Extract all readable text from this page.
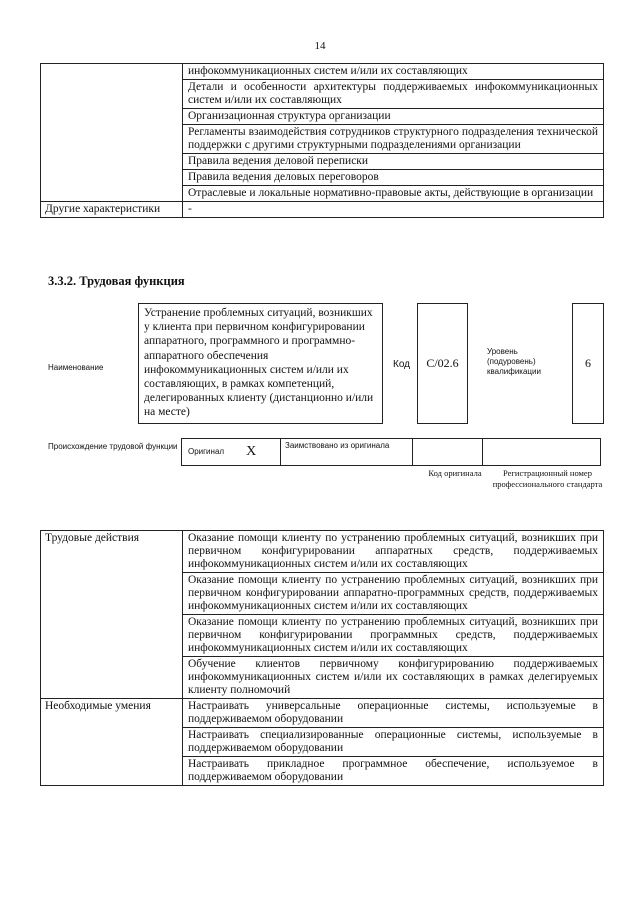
14
	инфокоммуникационных систем и/или их составляющих
	Детали и особенности архитектуры поддерживаемых инфокоммуникационных систем и/или их составляющих
	Организационная структура организации
	Регламенты взаимодействия сотрудников структурного подразделения технической поддержки с другими структурными подразделениями организации
	Правила ведения деловой переписки
	Правила ведения деловых переговоров
	Отраслевые и локальные нормативно-правовые акты, действующие в организации
Другие характеристики	-
3.3.2. Трудовая функция
Наименование
Устранение проблемных ситуаций, возникших у клиента при первичном конфигурировании аппаратного, программного и программно-аппаратного обеспечения инфокоммуникационных систем и/или их составляющих, в рамках компетенций, делегированных клиенту (дистанционно и/или на месте)
Код	C/02.6
Уровень (подуровень) квалификации
6
Происхождение трудовой функции
Оригинал X	Заимствовано из оригинала
Код оригинала	Регистрационный номер профессионального стандарта
Трудовые действия	Оказание помощи клиенту по устранению проблемных ситуаций, возникших при первичном конфигурировании аппаратных средств, поддерживаемых инфокоммуникационных систем и/или их составляющих
	Оказание помощи клиенту по устранению проблемных ситуаций, возникших при первичном конфигурировании аппаратно-программных средств, поддерживаемых инфокоммуникационных систем и/или их составляющих
	Оказание помощи клиенту по устранению проблемных ситуаций, возникших при первичном конфигурировании программных средств, поддерживаемых инфокоммуникационных систем и/или их составляющих
	Обучение клиентов первичному конфигурированию поддерживаемых инфокоммуникационных систем и/или их составляющих в рамках делегируемых клиенту полномочий
Необходимые умения	Настраивать универсальные операционные системы, используемые в поддерживаемом оборудовании
	Настраивать специализированные операционные системы, используемые в поддерживаемом оборудовании
	Настраивать прикладное программное обеспечение, используемое в поддерживаемом оборудовании
